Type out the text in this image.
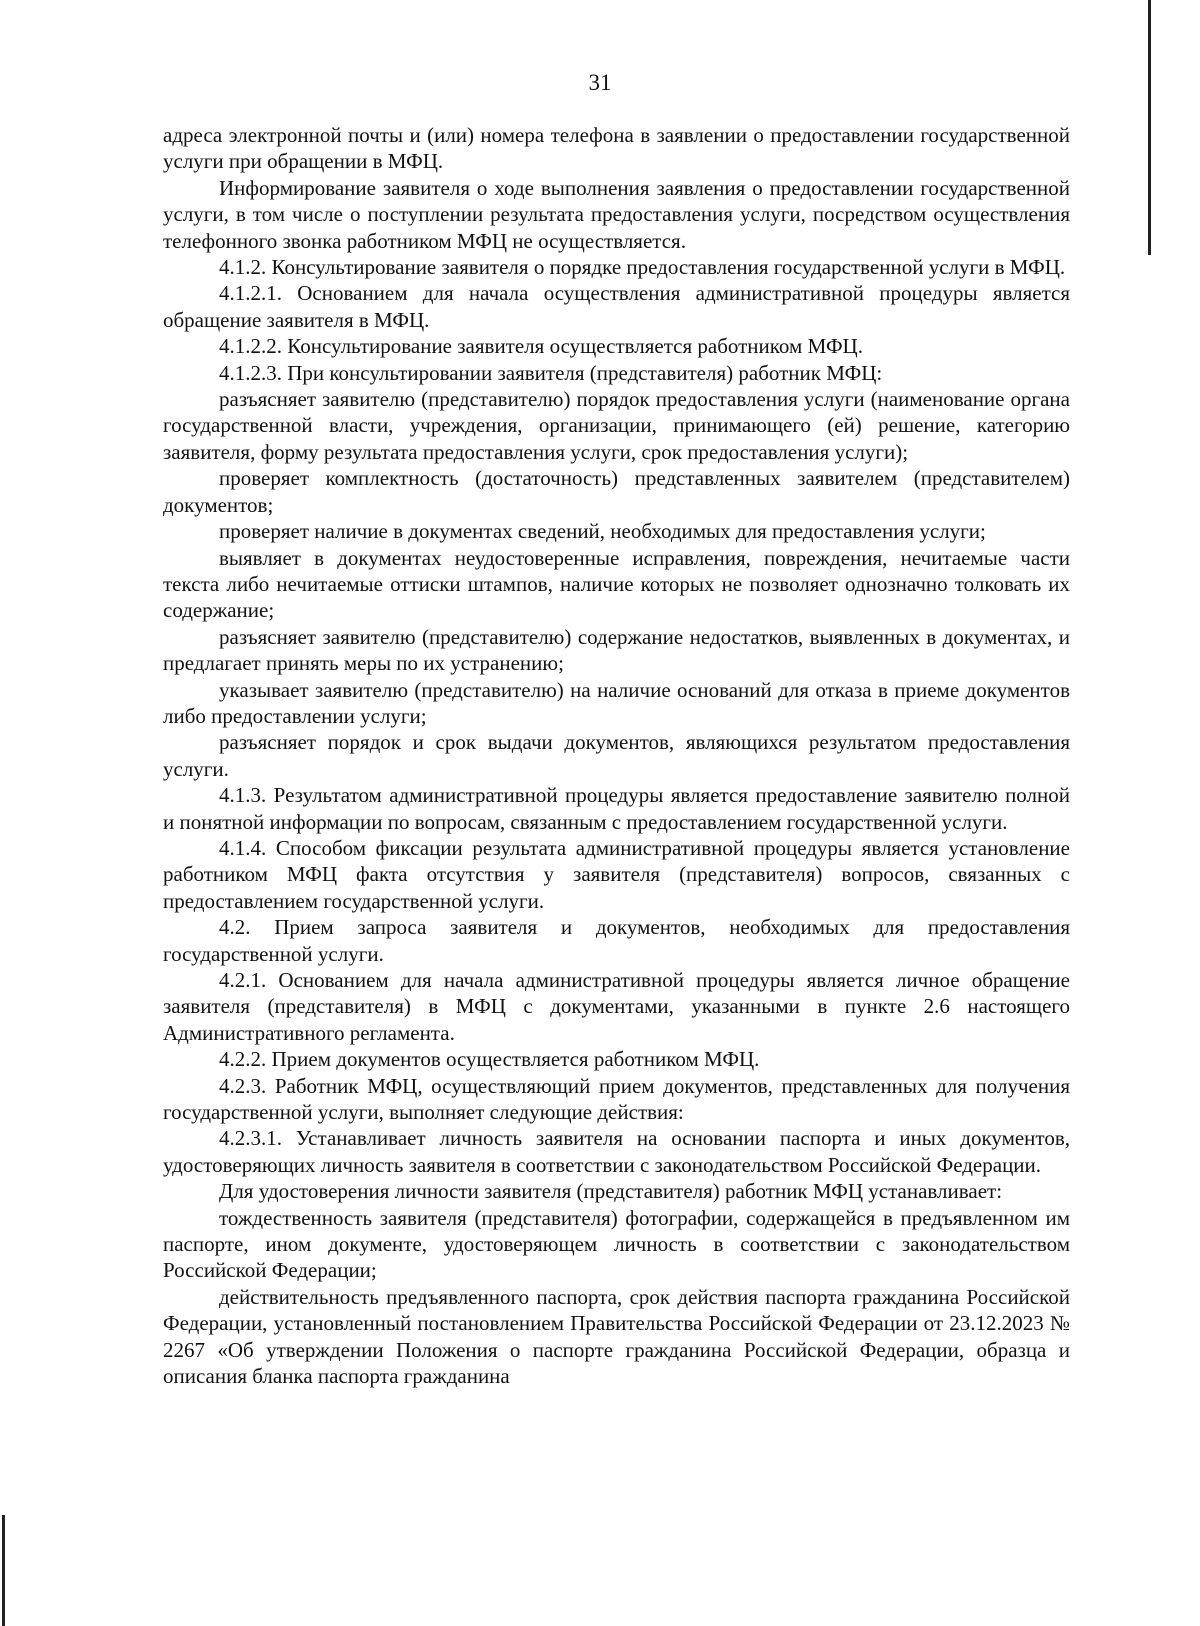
31

адреса электронной почты и (или) номера телефона в заявлении о предоставлении государственной услуги при обращении в МФЦ.

Информирование заявителя о ходе выполнения заявления о предоставлении государственной услуги, в том числе о поступлении результата предоставления услуги, посредством осуществления телефонного звонка работником МФЦ не осуществляется.

4.1.2. Консультирование заявителя о порядке предоставления государственной услуги в МФЦ.

4.1.2.1. Основанием для начала осуществления административной процедуры является обращение заявителя в МФЦ.

4.1.2.2. Консультирование заявителя осуществляется работником МФЦ.

4.1.2.3. При консультировании заявителя (представителя) работник МФЦ:

разъясняет заявителю (представителю) порядок предоставления услуги (наименование органа государственной власти, учреждения, организации, принимающего (ей) решение, категорию заявителя, форму результата предоставления услуги, срок предоставления услуги);

проверяет комплектность (достаточность) представленных заявителем (представителем) документов;

проверяет наличие в документах сведений, необходимых для предоставления услуги;

выявляет в документах неудостоверенные исправления, повреждения, нечитаемые части текста либо нечитаемые оттиски штампов, наличие которых не позволяет однозначно толковать их содержание;

разъясняет заявителю (представителю) содержание недостатков, выявленных в документах, и предлагает принять меры по их устранению;

указывает заявителю (представителю) на наличие оснований для отказа в приеме документов либо предоставлении услуги;

разъясняет порядок и срок выдачи документов, являющихся результатом предоставления услуги.

4.1.3. Результатом административной процедуры является предоставление заявителю полной и понятной информации по вопросам, связанным с предоставлением государственной услуги.

4.1.4. Способом фиксации результата административной процедуры является установление работником МФЦ факта отсутствия у заявителя (представителя) вопросов, связанных с предоставлением государственной услуги.

4.2. Прием запроса заявителя и документов, необходимых для предоставления государственной услуги.

4.2.1. Основанием для начала административной процедуры является личное обращение заявителя (представителя) в МФЦ с документами, указанными в пункте 2.6 настоящего Административного регламента.

4.2.2. Прием документов осуществляется работником МФЦ.

4.2.3. Работник МФЦ, осуществляющий прием документов, представленных для получения государственной услуги, выполняет следующие действия:

4.2.3.1. Устанавливает личность заявителя на основании паспорта и иных документов, удостоверяющих личность заявителя в соответствии с законодательством Российской Федерации.

Для удостоверения личности заявителя (представителя) работник МФЦ устанавливает:

тождественность заявителя (представителя) фотографии, содержащейся в предъявленном им паспорте, ином документе, удостоверяющем личность в соответствии с законодательством Российской Федерации;

действительность предъявленного паспорта, срок действия паспорта гражданина Российской Федерации, установленный постановлением Правительства Российской Федерации от 23.12.2023 № 2267 «Об утверждении Положения о паспорте гражданина Российской Федерации, образца и описания бланка паспорта гражданина
